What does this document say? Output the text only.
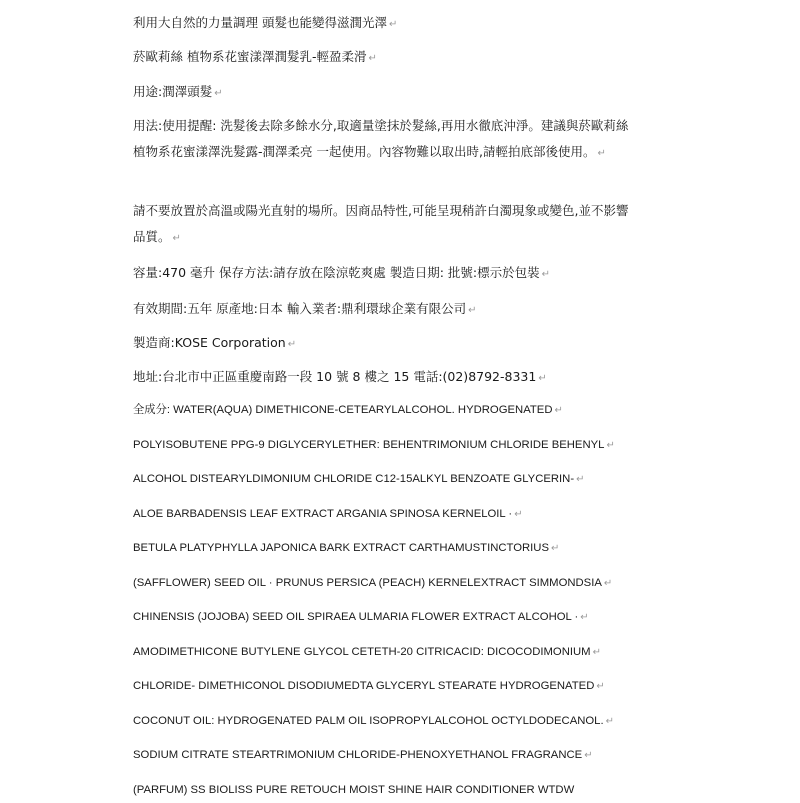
利用大自然的力量調理 頭髮也能變得滋潤光澤 ↵

菸歐莉絲 植物系花蜜漾澤潤髮乳-輕盈柔滑 ↵

用途:潤澤頭髮 ↵

用法:使用提醒: 洗髮後去除多餘水分,取適量塗抹於髮絲,再用水徹底沖淨。建議與菸歐莉絲植物系花蜜漾澤洗髮露-潤澤柔亮 一起使用。內容物難以取出時,請輕拍底部後使用。 ↵

請不要放置於高溫或陽光直射的場所。因商品特性,可能呈現稍許白濁現象或變色,並不影響品質。 ↵

容量:470 毫升 保存方法:請存放在陰涼乾爽處 製造日期: 批號:標示於包裝 ↵

有效期間:五年 原產地:日本 輸入業者:鼎利環球企業有限公司 ↵

製造商:KOSE Corporation ↵

地址:台北市中正區重慶南路一段 10 號 8 樓之 15 電話:(02)8792-8331 ↵

全成分: WATER(AQUA) DIMETHICONE-CETEARYLALCOHOL. HYDROGENATED ↵

POLYISOBUTENE PPG-9 DIGLYCERYLETHER: BEHENTRIMONIUM CHLORIDE BEHENYL ↵

ALCOHOL DISTEARYLDIMONIUM CHLORIDE C12-15ALKYL BENZOATE GLYCERIN- ↵

ALOE BARBADENSIS LEAF EXTRACT ARGANIA SPINOSA KERNELOIL · ↵

BETULA PLATYPHYLLA JAPONICA BARK EXTRACT CARTHAMUSTINCTORIUS ↵

(SAFFLOWER) SEED OIL · PRUNUS PERSICA (PEACH) KERNELEXTRACT SIMMONDSIA ↵

CHINENSIS (JOJOBA) SEED OIL SPIRAEA ULMARIA FLOWER EXTRACT ALCOHOL · ↵

AMODIMETHICONE BUTYLENE GLYCOL CETETH-20 CITRICACID: DICOCODIMONIUM ↵

CHLORIDE- DIMETHICONOL DISODIUMEDTA GLYCERYL STEARATE HYDROGENATED ↵

COCONUT OIL: HYDROGENATED PALM OIL ISOPROPYLALCOHOL OCTYLDODECANOL. ↵

SODIUM CITRATE STEARTRIMONIUM CHLORIDE-PHENOXYETHANOL FRAGRANCE ↵

(PARFUM) SS BIOLISS PURE RETOUCH MOIST SHINE HAIR CONDITIONER WTDW
